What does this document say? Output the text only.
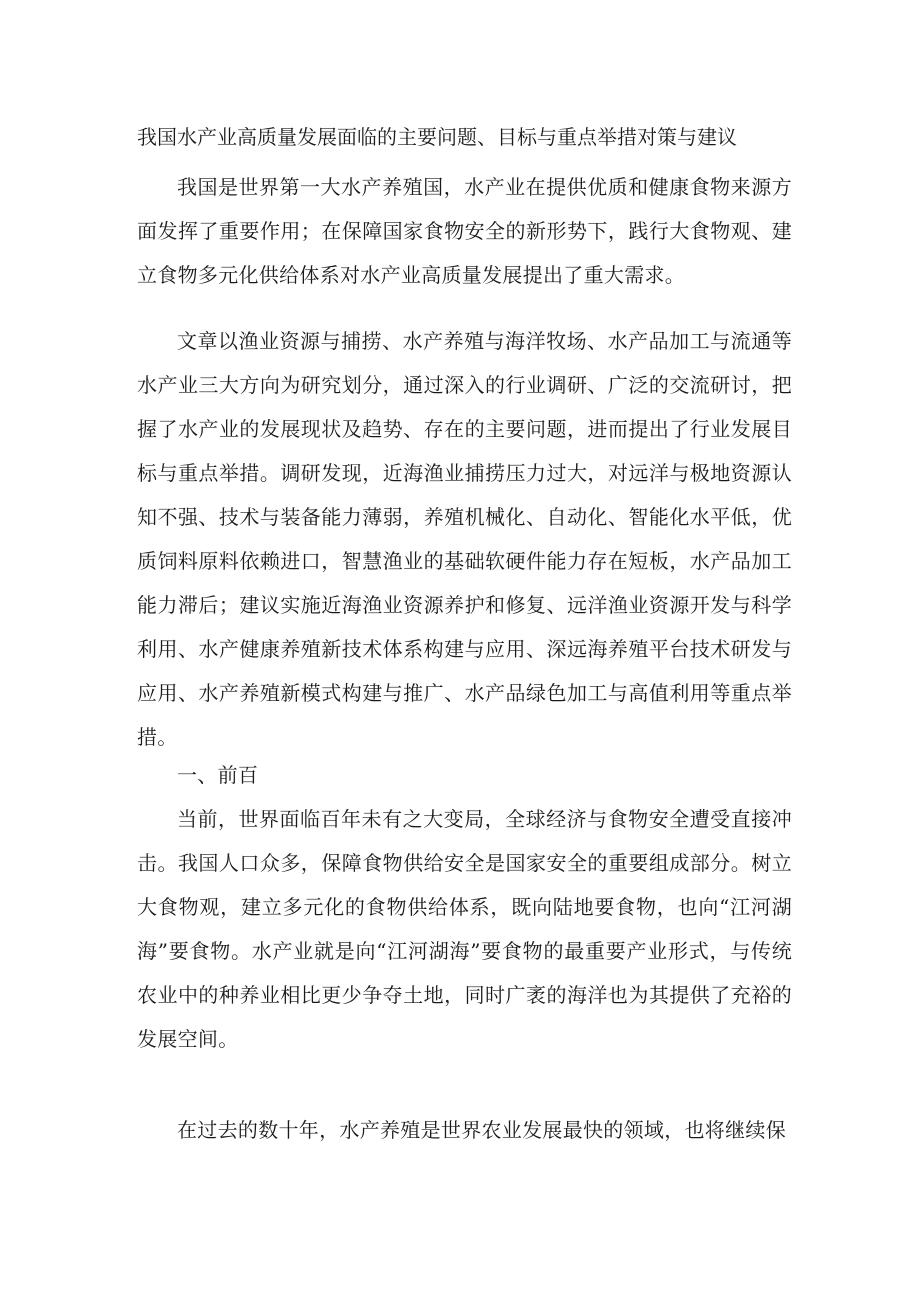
我国水产业高质量发展面临的主要问题、目标与重点举措对策与建议

我国是世界第一大水产养殖国，水产业在提供优质和健康食物来源方面发挥了重要作用；在保障国家食物安全的新形势下，践行大食物观、建立食物多元化供给体系对水产业高质量发展提出了重大需求。

文章以渔业资源与捕捞、水产养殖与海洋牧场、水产品加工与流通等水产业三大方向为研究划分，通过深入的行业调研、广泛的交流研讨，把握了水产业的发展现状及趋势、存在的主要问题，进而提出了行业发展目标与重点举措。调研发现，近海渔业捕捞压力过大，对远洋与极地资源认知不强、技术与装备能力薄弱，养殖机械化、自动化、智能化水平低，优质饲料原料依赖进口，智慧渔业的基础软硬件能力存在短板，水产品加工能力滞后；建议实施近海渔业资源养护和修复、远洋渔业资源开发与科学利用、水产健康养殖新技术体系构建与应用、深远海养殖平台技术研发与应用、水产养殖新模式构建与推广、水产品绿色加工与高值利用等重点举措。

一、前百

当前，世界面临百年未有之大变局，全球经济与食物安全遭受直接冲击。我国人口众多，保障食物供给安全是国家安全的重要组成部分。树立大食物观，建立多元化的食物供给体系，既向陆地要食物，也向“江河湖海”要食物。水产业就是向“江河湖海”要食物的最重要产业形式，与传统农业中的种养业相比更少争夺土地，同时广袤的海洋也为其提供了充裕的发展空间。

在过去的数十年，水产养殖是世界农业发展最快的领域，也将继续保
